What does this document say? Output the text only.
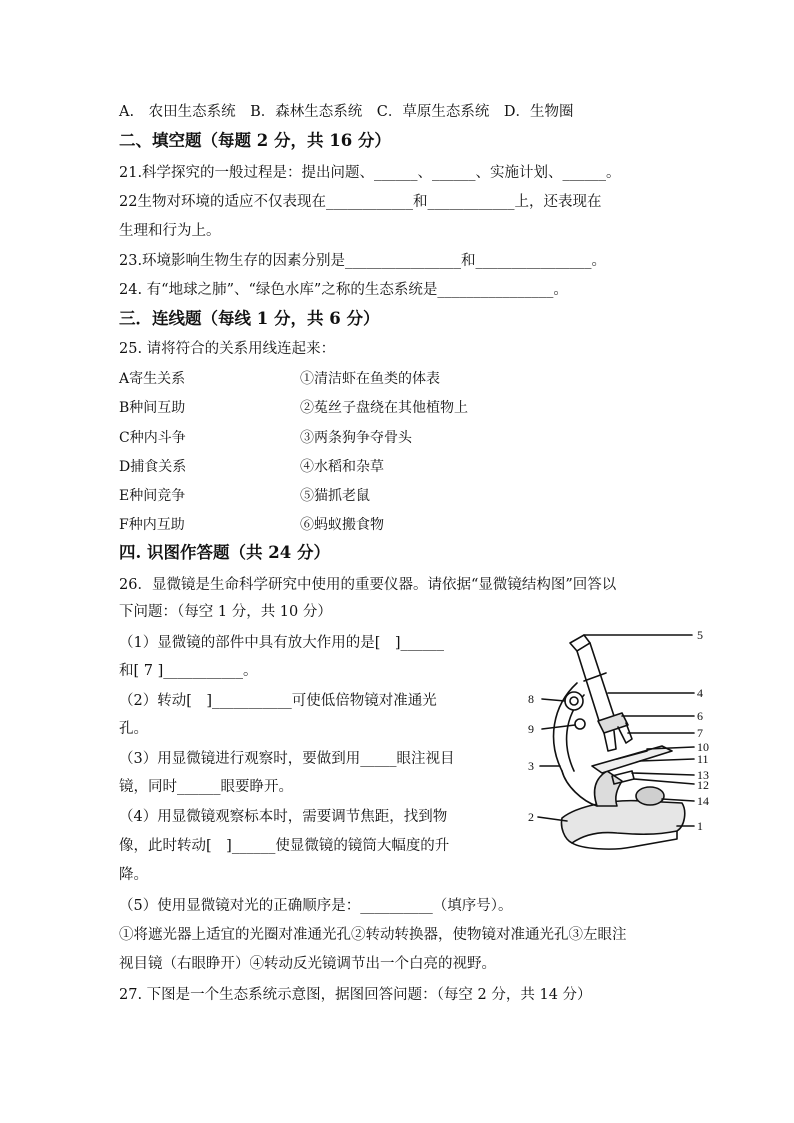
A.　农田生态系统　B．森林生态系统　C．草原生态系统　D．生物圈
二、填空题（每题 2 分，共 16 分）
21.科学探究的一般过程是：提出问题、______、______、实施计划、______。
22生物对环境的适应不仅表现在____________和____________上，还表现在
生理和行为上。
23.环境影响生物生存的因素分别是________________和________________。
24. 有“地球之肺”、“绿色水库”之称的生态系统是________________。
三．连线题（每线 1 分，共 6 分）
25. 请将符合的关系用线连起来：
A寄生关系	①清洁虾在鱼类的体表
B种间互助	②菟丝子盘绕在其他植物上
C种内斗争	③两条狗争夺骨头
D捕食关系	④水稻和杂草
E种间竞争	⑤猫抓老鼠
F种内互助	⑥蚂蚁搬食物
四. 识图作答题（共 24 分）
26．显微镜是生命科学研究中使用的重要仪器。请依据“显微镜结构图”回答以
下问题：（每空 1 分，共 10 分）
（1）显微镜的部件中具有放大作用的是[　]______
和[ 7 ]___________。
（2）转动[　]___________可使低倍物镜对准通光
孔。
（3）用显微镜进行观察时，要做到用_____眼注视目
镜，同时______眼要睁开。
（4）用显微镜观察标本时，需要调节焦距，找到物
像，此时转动[　]______使显微镜的镜筒大幅度的升
降。
（5）使用显微镜对光的正确顺序是：__________（填序号）。
①将遮光器上适宜的光圈对准通光孔②转动转换器，使物镜对准通光孔③左眼注
视目镜（右眼睁开）④转动反光镜调节出一个白亮的视野。
27. 下图是一个生态系统示意图，据图回答问题：（每空 2 分，共 14 分）
5
4
6
7
10
11
13
12
14
1
8
9
3
2
